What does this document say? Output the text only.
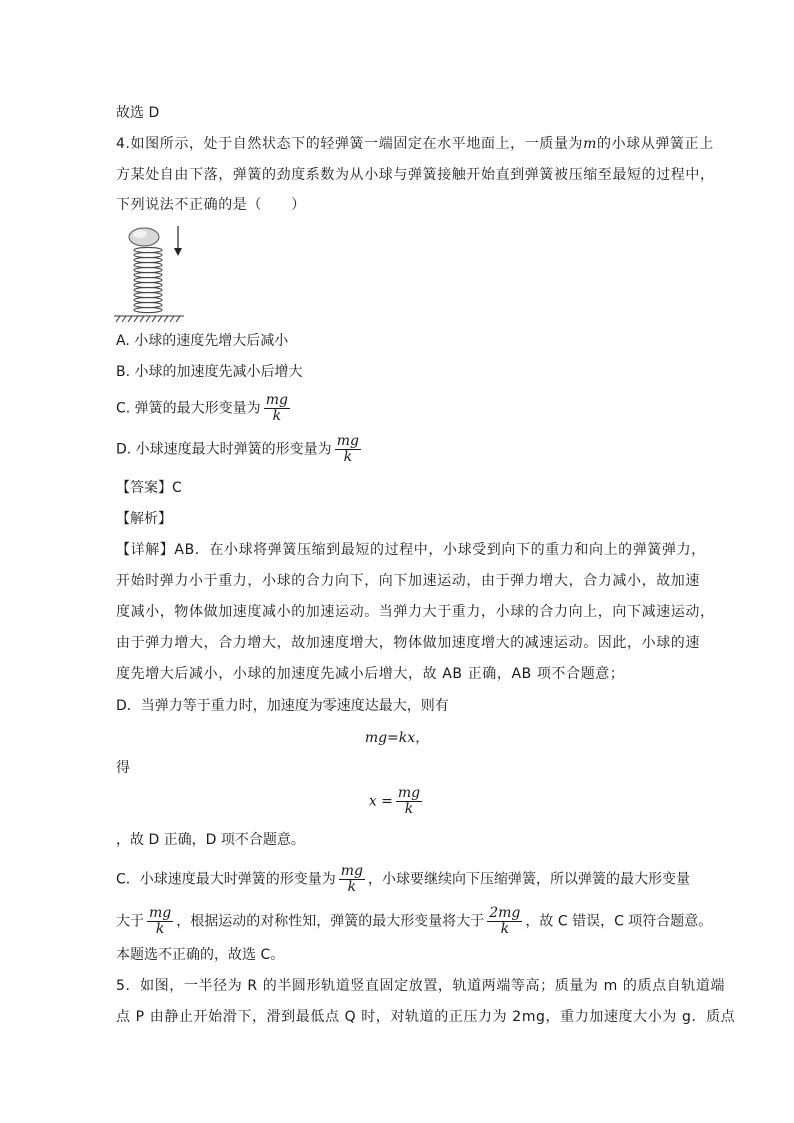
故选 D
4.如图所示，处于自然状态下的轻弹簧一端固定在水平地面上，一质量为m的小球从弹簧正上
方某处自由下落，弹簧的劲度系数为从小球与弹簧接触开始直到弹簧被压缩至最短的过程中，
下列说法不正确的是（　　）
A. 小球的速度先增大后减小
B. 小球的加速度先减小后增大
C. 弹簧的最大形变量为 $\frac{mg}{k}$
D. 小球速度最大时弹簧的形变量为 $\frac{mg}{k}$
【答案】C
【解析】
【详解】AB．在小球将弹簧压缩到最短的过程中，小球受到向下的重力和向上的弹簧弹力，
开始时弹力小于重力，小球的合力向下，向下加速运动，由于弹力增大，合力减小，故加速
度减小，物体做加速度减小的加速运动。当弹力大于重力，小球的合力向上，向下减速运动，
由于弹力增大，合力增大，故加速度增大，物体做加速度增大的减速运动。因此，小球的速
度先增大后减小，小球的加速度先减小后增大，故 AB 正确，AB 项不合题意；
D．当弹力等于重力时，加速度为零速度达最大，则有
mg=kx，
得
$x = \frac{mg}{k}$
，故 D 正确，D 项不合题意。
C．小球速度最大时弹簧的形变量为 $\frac{mg}{k}$ ，小球要继续向下压缩弹簧，所以弹簧的最大形变量
大于 $\frac{mg}{k}$ ，根据运动的对称性知，弹簧的最大形变量将大于 $\frac{2mg}{k}$ ，故 C 错误，C 项符合题意。
本题选不正确的，故选 C。
5．如图，一半径为 R 的半圆形轨道竖直固定放置，轨道两端等高；质量为 m 的质点自轨道端
点 P 由静止开始滑下，滑到最低点 Q 时，对轨道的正压力为 2mg，重力加速度大小为 g．质点
